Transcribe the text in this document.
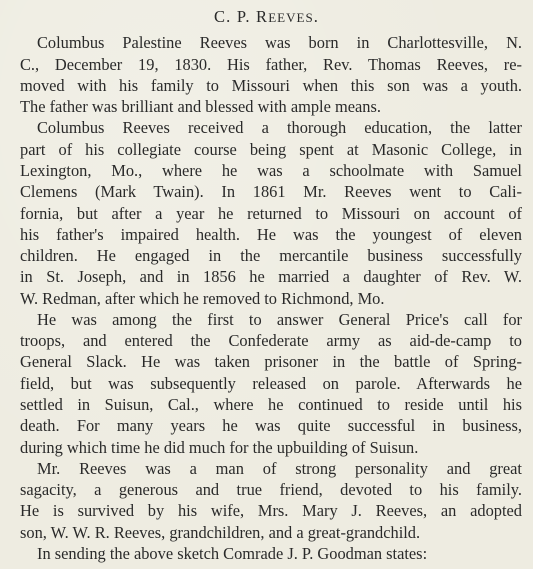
C. P. REEVES.
Columbus Palestine Reeves was born in Charlottesville, N.
C., December 19, 1830. His father, Rev. Thomas Reeves, re-
moved with his family to Missouri when this son was a youth.
The father was brilliant and blessed with ample means.
Columbus Reeves received a thorough education, the latter
part of his collegiate course being spent at Masonic College, in
Lexington, Mo., where he was a schoolmate with Samuel
Clemens (Mark Twain). In 1861 Mr. Reeves went to Cali-
fornia, but after a year he returned to Missouri on account of
his father's impaired health. He was the youngest of eleven
children. He engaged in the mercantile business successfully
in St. Joseph, and in 1856 he married a daughter of Rev. W.
W. Redman, after which he removed to Richmond, Mo.
He was among the first to answer General Price's call for
troops, and entered the Confederate army as aid-de-camp to
General Slack. He was taken prisoner in the battle of Spring-
field, but was subsequently released on parole. Afterwards he
settled in Suisun, Cal., where he continued to reside until his
death. For many years he was quite successful in business,
during which time he did much for the upbuilding of Suisun.
Mr. Reeves was a man of strong personality and great
sagacity, a generous and true friend, devoted to his family.
He is survived by his wife, Mrs. Mary J. Reeves, an adopted
son, W. W. R. Reeves, grandchildren, and a great-grandchild.
In sending the above sketch Comrade J. P. Goodman states:
